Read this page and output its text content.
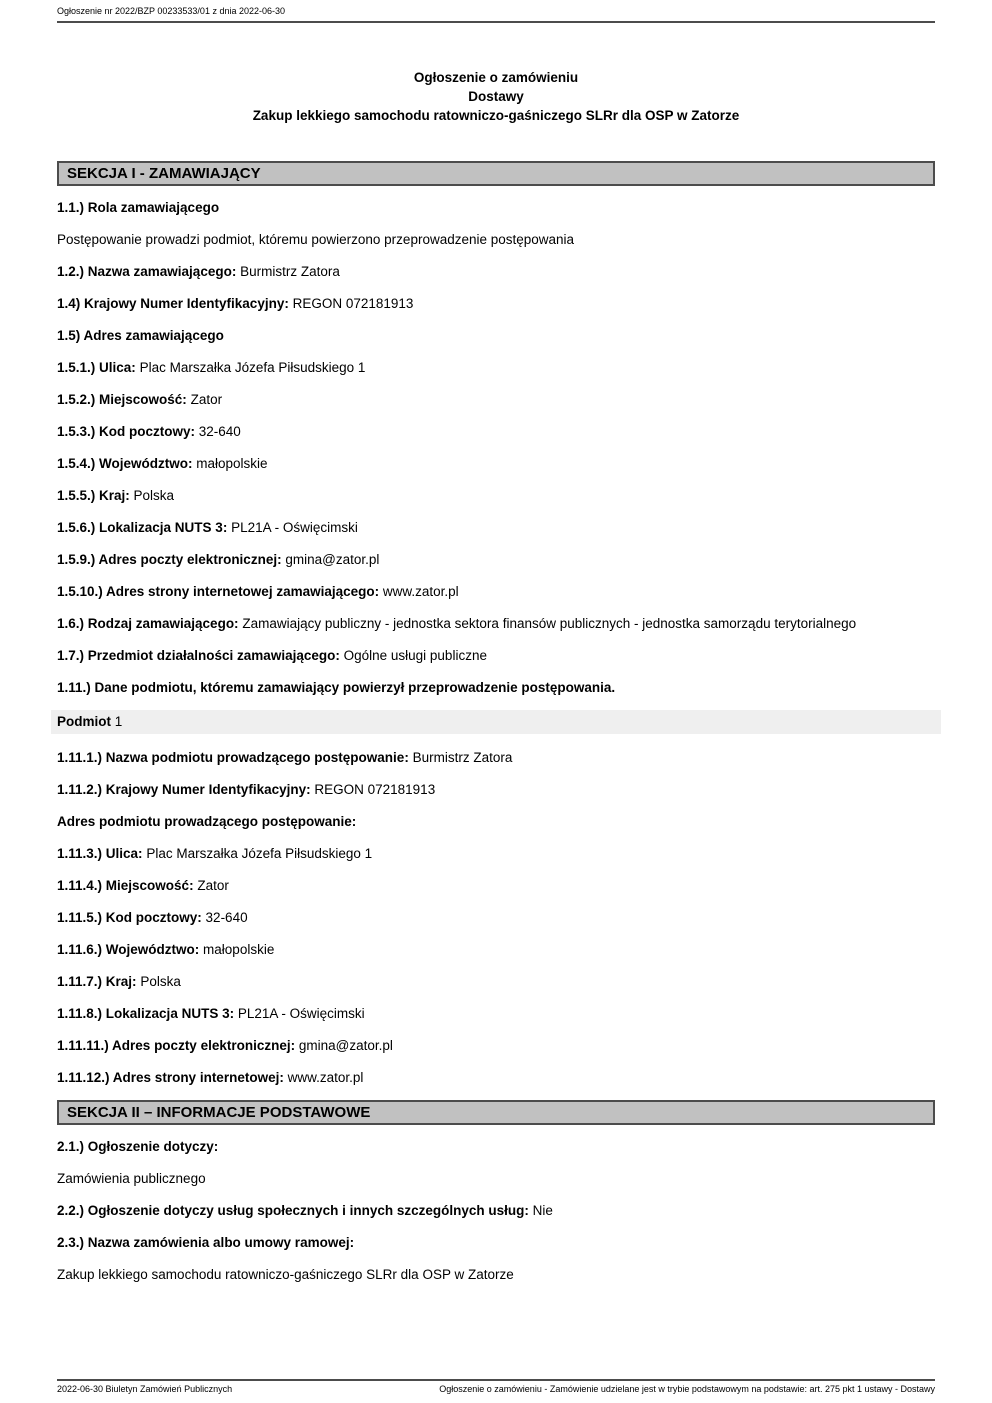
Ogłoszenie nr 2022/BZP 00233533/01 z dnia 2022-06-30
Ogłoszenie o zamówieniu
Dostawy
Zakup lekkiego samochodu ratowniczo-gaśniczego SLRr dla OSP w Zatorze
SEKCJA I - ZAMAWIAJĄCY

1.1.) Rola zamawiającego

Postępowanie prowadzi podmiot, któremu powierzono przeprowadzenie postępowania

1.2.) Nazwa zamawiającego: Burmistrz Zatora

1.4) Krajowy Numer Identyfikacyjny: REGON 072181913

1.5) Adres zamawiającego

1.5.1.) Ulica: Plac Marszałka Józefa Piłsudskiego 1

1.5.2.) Miejscowość: Zator

1.5.3.) Kod pocztowy: 32-640

1.5.4.) Województwo: małopolskie

1.5.5.) Kraj: Polska

1.5.6.) Lokalizacja NUTS 3: PL21A - Oświęcimski

1.5.9.) Adres poczty elektronicznej: gmina@zator.pl

1.5.10.) Adres strony internetowej zamawiającego: www.zator.pl

1.6.) Rodzaj zamawiającego: Zamawiający publiczny - jednostka sektora finansów publicznych - jednostka samorządu terytorialnego

1.7.) Przedmiot działalności zamawiającego: Ogólne usługi publiczne

1.11.) Dane podmiotu, któremu zamawiający powierzył przeprowadzenie postępowania.

Podmiot 1

1.11.1.) Nazwa podmiotu prowadzącego postępowanie: Burmistrz Zatora

1.11.2.) Krajowy Numer Identyfikacyjny: REGON 072181913

Adres podmiotu prowadzącego postępowanie:

1.11.3.) Ulica: Plac Marszałka Józefa Piłsudskiego 1

1.11.4.) Miejscowość: Zator

1.11.5.) Kod pocztowy: 32-640

1.11.6.) Województwo: małopolskie

1.11.7.) Kraj: Polska

1.11.8.) Lokalizacja NUTS 3: PL21A - Oświęcimski

1.11.11.) Adres poczty elektronicznej: gmina@zator.pl

1.11.12.) Adres strony internetowej: www.zator.pl

SEKCJA II – INFORMACJE PODSTAWOWE

2.1.) Ogłoszenie dotyczy:

Zamówienia publicznego

2.2.) Ogłoszenie dotyczy usług społecznych i innych szczególnych usług: Nie

2.3.) Nazwa zamówienia albo umowy ramowej:

Zakup lekkiego samochodu ratowniczo-gaśniczego SLRr dla OSP w Zatorze

2022-06-30 Biuletyn Zamówień Publicznych	Ogłoszenie o zamówieniu - Zamówienie udzielane jest w trybie podstawowym na podstawie: art. 275 pkt 1 ustawy - Dostawy
